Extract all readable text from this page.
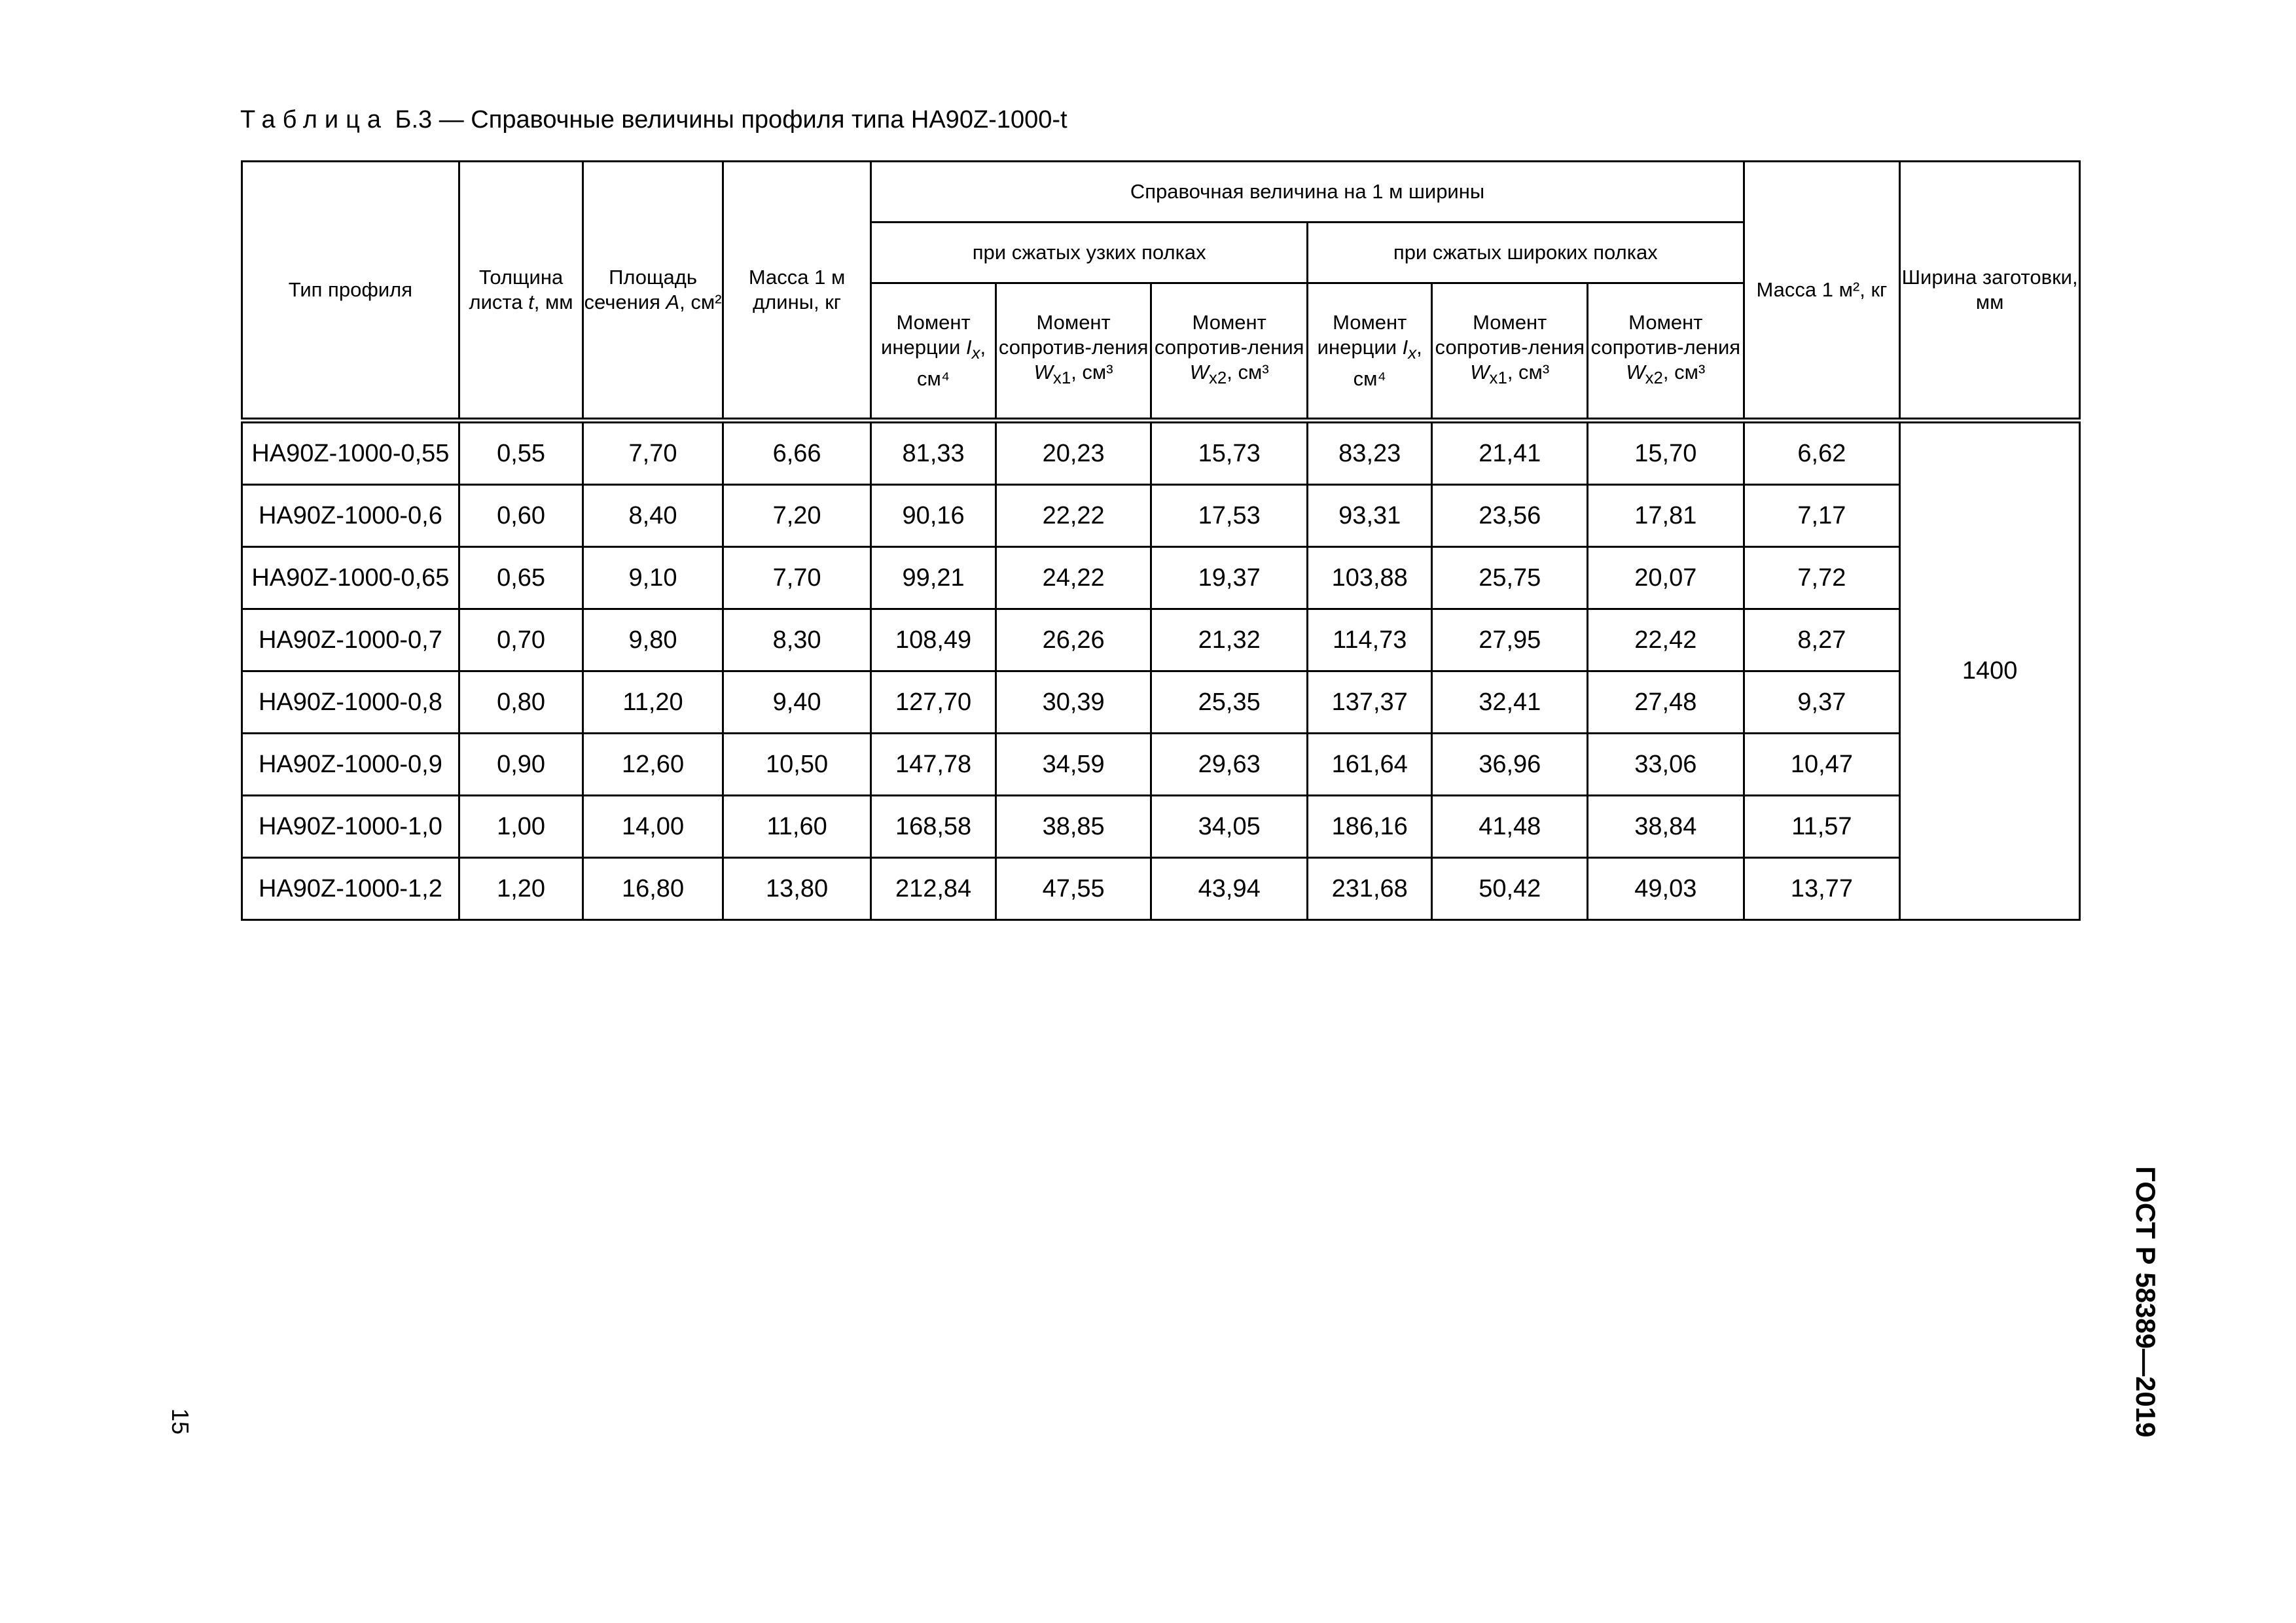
Таблица Б.3 — Справочные величины профиля типа HA90Z-1000-t
Тип профиля	Толщина листа t, мм	Площадь сечения A, см²	Масса 1 м длины, кг	Справочная величина на 1 м ширины						Масса 1 м², кг	Ширина заготовки, мм
				при сжатых узких полках			при сжатых широких полках				
				Момент инерции $I_x$, см⁴	Момент сопротив-ления $W_{x1}$, см³	Момент сопротив-ления $W_{x2}$, см³	Момент инерции $I_x$, см⁴	Момент сопротив-ления $W_{x1}$, см³	Момент сопротив-ления $W_{x2}$, см³		
HA90Z-1000-0,55	0,55	7,70	6,66	81,33	20,23	15,73	83,23	21,41	15,70	6,62	1400
HA90Z-1000-0,6	0,60	8,40	7,20	90,16	22,22	17,53	93,31	23,56	17,81	7,17	
HA90Z-1000-0,65	0,65	9,10	7,70	99,21	24,22	19,37	103,88	25,75	20,07	7,72	
HA90Z-1000-0,7	0,70	9,80	8,30	108,49	26,26	21,32	114,73	27,95	22,42	8,27	
HA90Z-1000-0,8	0,80	11,20	9,40	127,70	30,39	25,35	137,37	32,41	27,48	9,37	
HA90Z-1000-0,9	0,90	12,60	10,50	147,78	34,59	29,63	161,64	36,96	33,06	10,47	
HA90Z-1000-1,0	1,00	14,00	11,60	168,58	38,85	34,05	186,16	41,48	38,84	11,57	
HA90Z-1000-1,2	1,20	16,80	13,80	212,84	47,55	43,94	231,68	50,42	49,03	13,77	
15	ГОСТ Р 58389—2019
